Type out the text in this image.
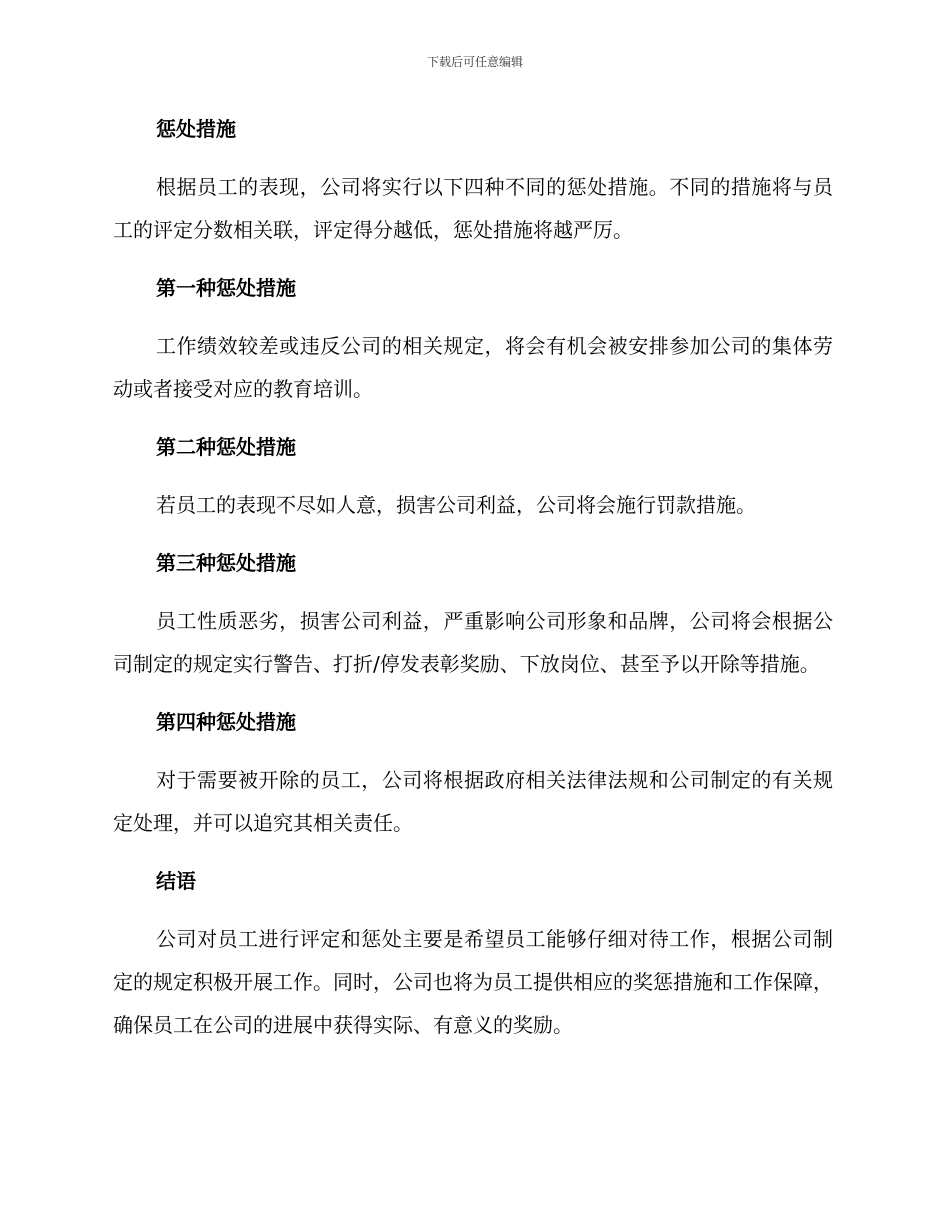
下载后可任意编辑
惩处措施
根据员工的表现，公司将实行以下四种不同的惩处措施。不同的措施将与员工的评定分数相关联，评定得分越低，惩处措施将越严厉。
第一种惩处措施
工作绩效较差或违反公司的相关规定，将会有机会被安排参加公司的集体劳动或者接受对应的教育培训。
第二种惩处措施
若员工的表现不尽如人意，损害公司利益，公司将会施行罚款措施。
第三种惩处措施
员工性质恶劣，损害公司利益，严重影响公司形象和品牌，公司将会根据公司制定的规定实行警告、打折/停发表彰奖励、下放岗位、甚至予以开除等措施。
第四种惩处措施
对于需要被开除的员工，公司将根据政府相关法律法规和公司制定的有关规定处理，并可以追究其相关责任。
结语
公司对员工进行评定和惩处主要是希望员工能够仔细对待工作，根据公司制定的规定积极开展工作。同时，公司也将为员工提供相应的奖惩措施和工作保障，确保员工在公司的进展中获得实际、有意义的奖励。
